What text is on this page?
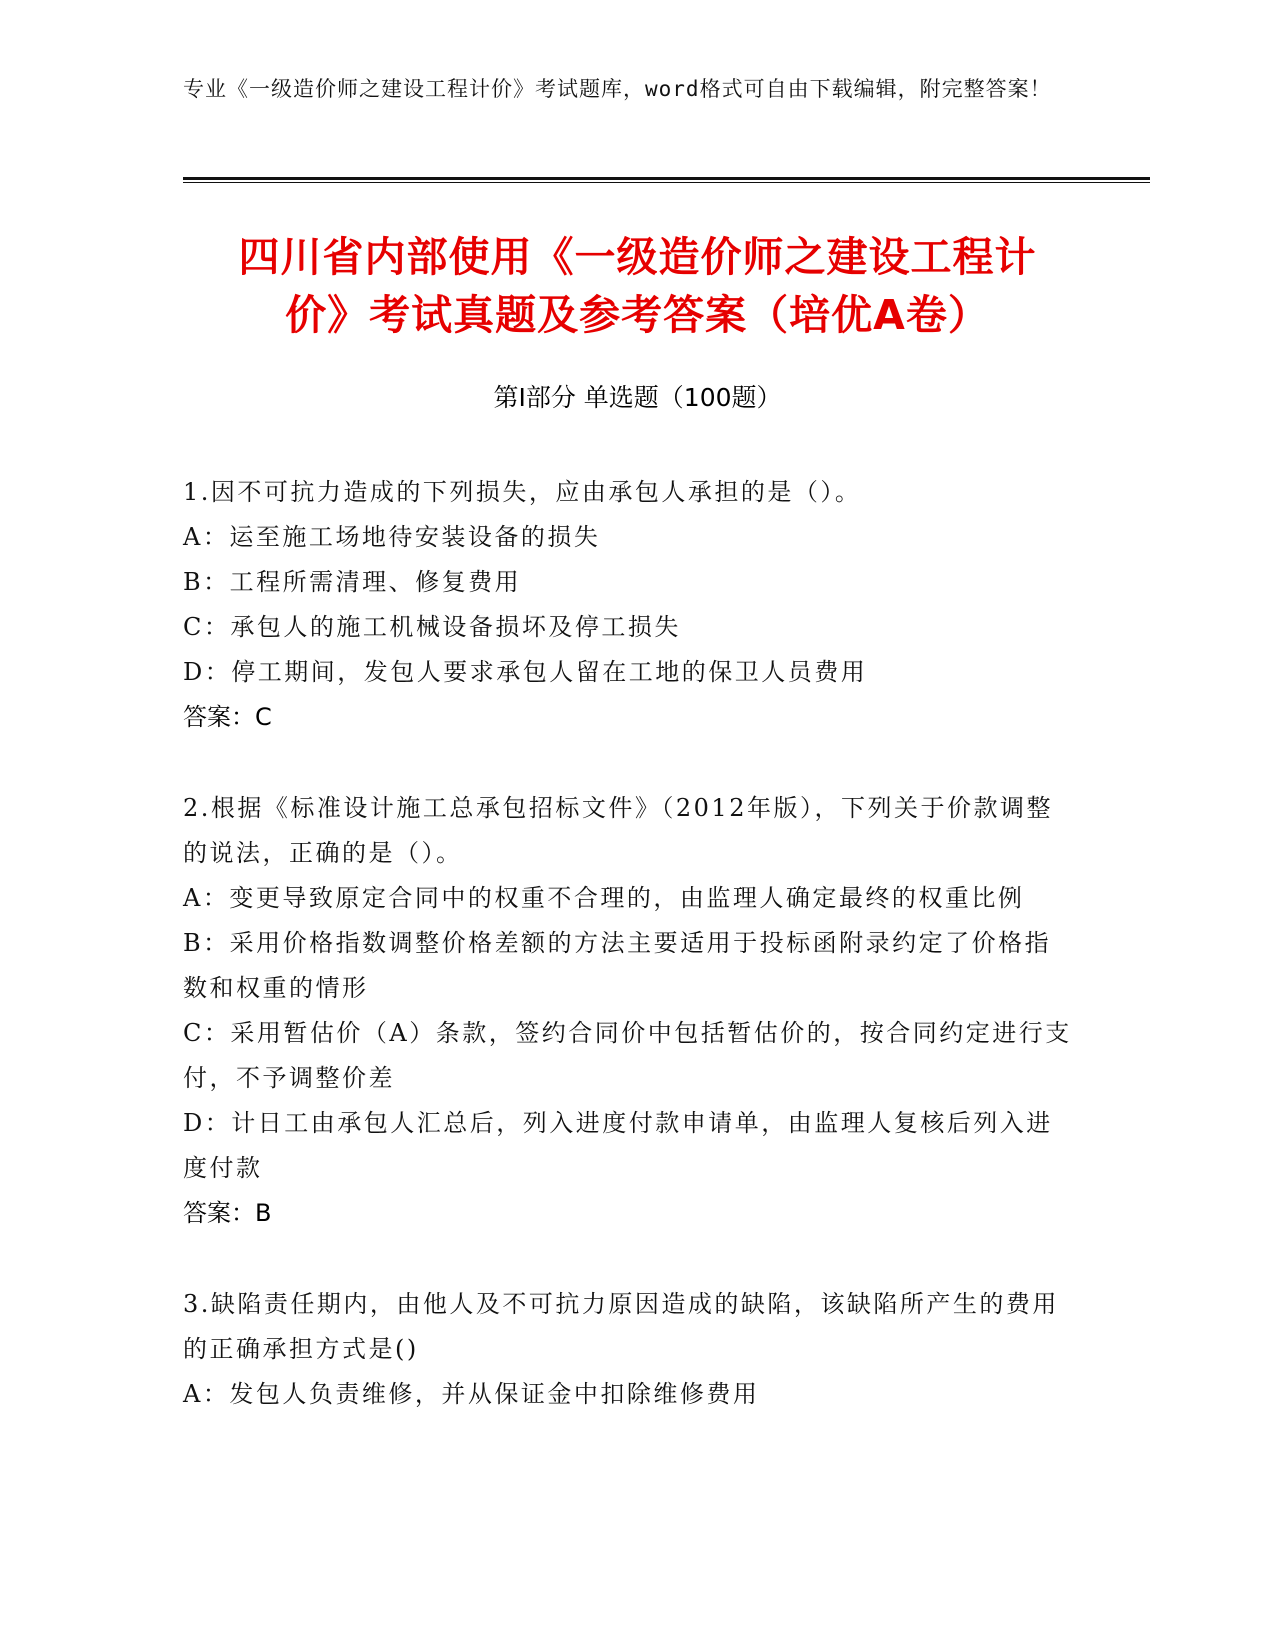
专业《一级造价师之建设工程计价》考试题库，word格式可自由下载编辑，附完整答案！
四川省内部使用《一级造价师之建设工程计
价》考试真题及参考答案（培优A卷）
第I部分 单选题（100题）

1.因不可抗力造成的下列损失，应由承包人承担的是（）。

A：运至施工场地待安装设备的损失

B：工程所需清理、修复费用

C：承包人的施工机械设备损坏及停工损失

D：停工期间，发包人要求承包人留在工地的保卫人员费用

答案：C

2.根据《标准设计施工总承包招标文件》（2012年版），下列关于价款调整的说法，正确的是（）。

A：变更导致原定合同中的权重不合理的，由监理人确定最终的权重比例

B：采用价格指数调整价格差额的方法主要适用于投标函附录约定了价格指数和权重的情形

C：采用暂估价（A）条款，签约合同价中包括暂估价的，按合同约定进行支付，不予调整价差

D：计日工由承包人汇总后，列入进度付款申请单，由监理人复核后列入进度付款

答案：B

3.缺陷责任期内，由他人及不可抗力原因造成的缺陷，该缺陷所产生的费用的正确承担方式是()

A：发包人负责维修，并从保证金中扣除维修费用
